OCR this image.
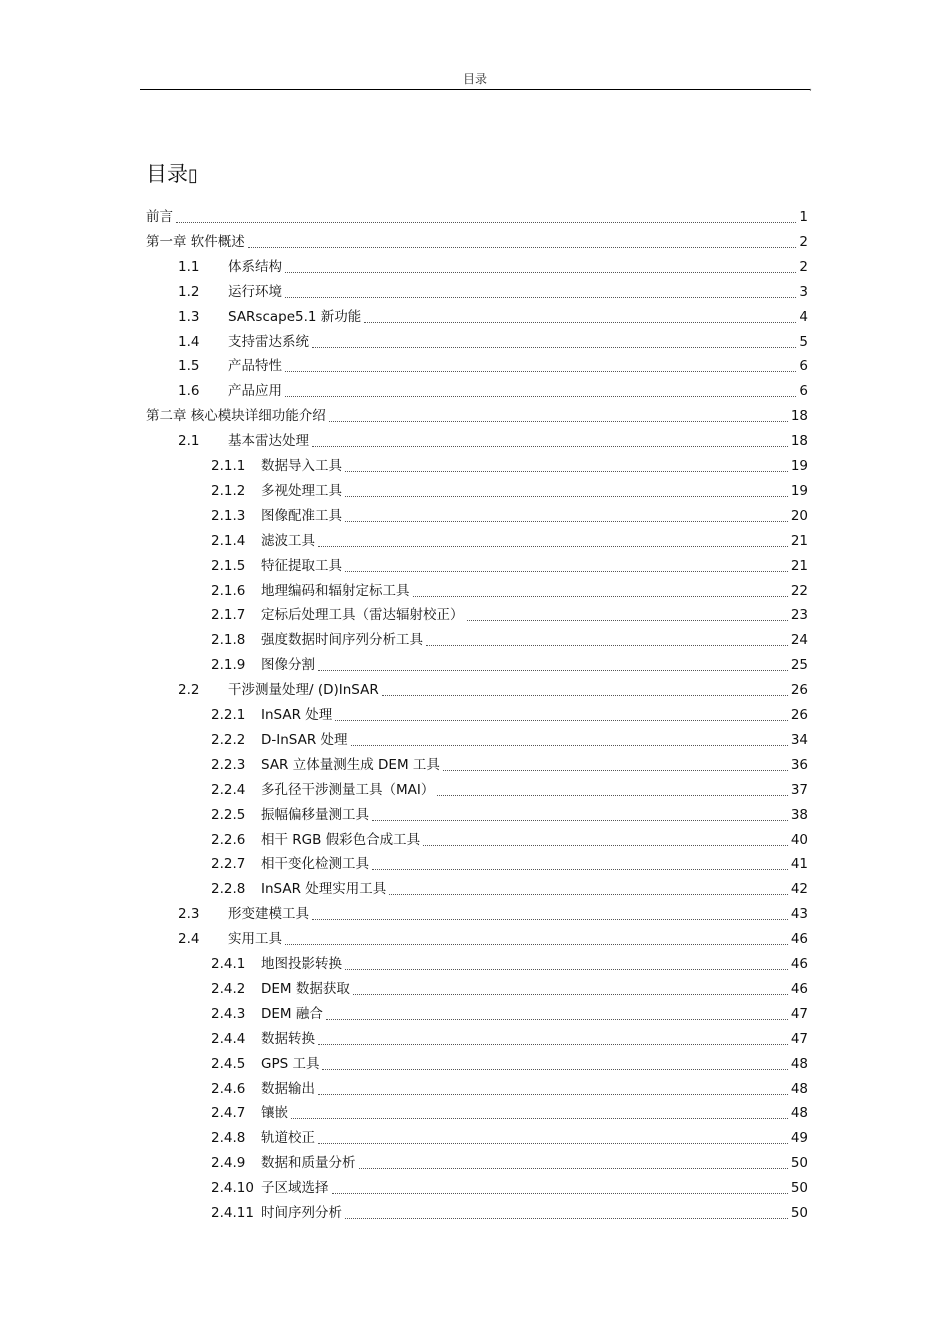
目录
,
目录▯
前言	1
第一章 软件概述	2
1.1	体系结构	2
1.2	运行环境	3
1.3	SARscape5.1 新功能	4
1.4	支持雷达系统	5
1.5	产品特性	6
1.6	产品应用	6
第二章 核心模块详细功能介绍	18
2.1	基本雷达处理	18
2.1.1	数据导入工具	19
2.1.2	多视处理工具	19
2.1.3	图像配准工具	20
2.1.4	滤波工具	21
2.1.5	特征提取工具	21
2.1.6	地理编码和辐射定标工具	22
2.1.7	定标后处理工具（雷达辐射校正）	23
2.1.8	强度数据时间序列分析工具	24
2.1.9	图像分割	25
2.2	干涉测量处理/ (D)InSAR	26
2.2.1	InSAR 处理	26
2.2.2	D-InSAR 处理	34
2.2.3	SAR 立体量测生成 DEM 工具	36
2.2.4	多孔径干涉测量工具（MAI）	37
2.2.5	振幅偏移量测工具	38
2.2.6	相干 RGB 假彩色合成工具	40
2.2.7	相干变化检测工具	41
2.2.8	InSAR 处理实用工具	42
2.3	形变建模工具	43
2.4	实用工具	46
2.4.1	地图投影转换	46
2.4.2	DEM 数据获取	46
2.4.3	DEM 融合	47
2.4.4	数据转换	47
2.4.5	GPS 工具	48
2.4.6	数据输出	48
2.4.7	镶嵌	48
2.4.8	轨道校正	49
2.4.9	数据和质量分析	50
2.4.10 子区域选择	50
2.4.11 时间序列分析	50
